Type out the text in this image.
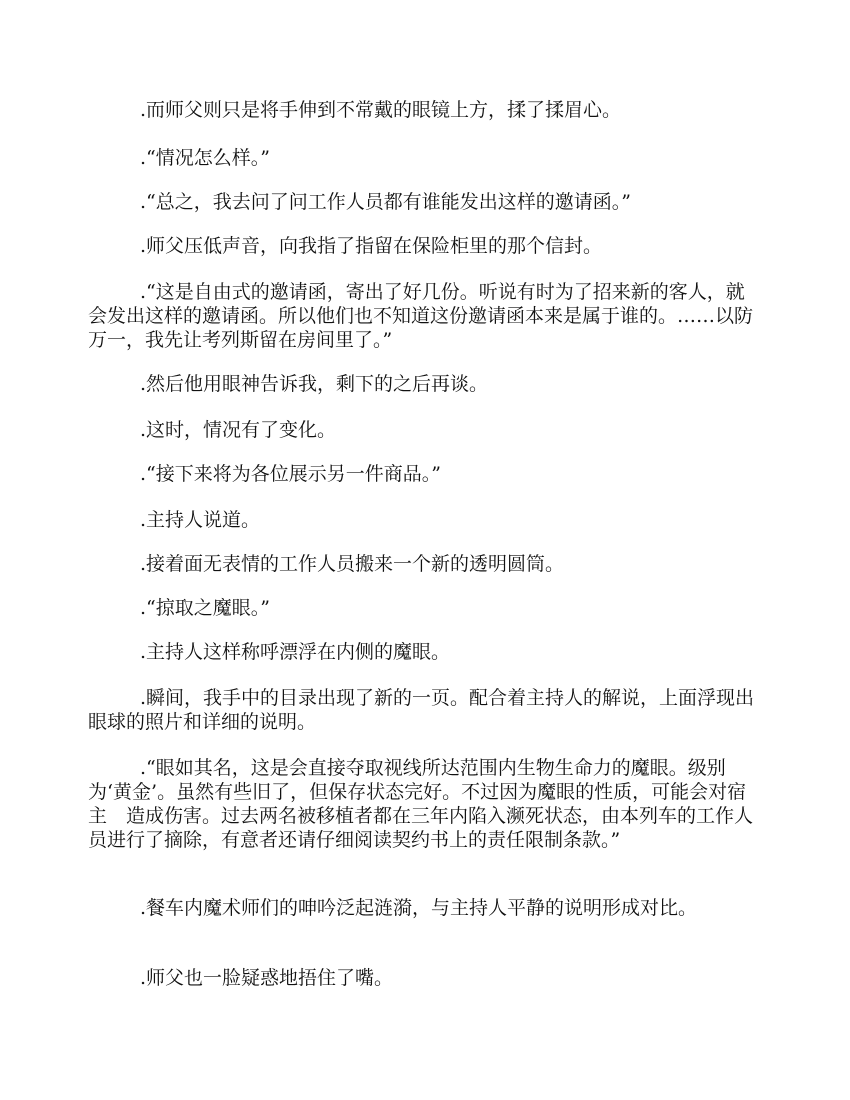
.而师父则只是将手伸到不常戴的眼镜上方，揉了揉眉心。

.“情况怎么样。”

.“总之，我去问了问工作人员都有谁能发出这样的邀请函。”

.师父压低声音，向我指了指留在保险柜里的那个信封。

.“这是自由式的邀请函，寄出了好几份。听说有时为了招来新的客人，就会发出这样的邀请函。所以他们也不知道这份邀请函本来是属于谁的。……以防万一，我先让考列斯留在房间里了。”

.然后他用眼神告诉我，剩下的之后再谈。

.这时，情况有了变化。

.“接下来将为各位展示另一件商品。”

.主持人说道。

.接着面无表情的工作人员搬来一个新的透明圆筒。

.“掠取之魔眼。”

.主持人这样称呼漂浮在内侧的魔眼。

.瞬间，我手中的目录出现了新的一页。配合着主持人的解说，上面浮现出眼球的照片和详细的说明。

.“眼如其名，这是会直接夺取视线所达范围内生物生命力的魔眼。级别为‘黄金’。虽然有些旧了，但保存状态完好。不过因为魔眼的性质，可能会对宿主　造成伤害。过去两名被移植者都在三年内陷入濒死状态，由本列车的工作人员进行了摘除，有意者还请仔细阅读契约书上的责任限制条款。”

.餐车内魔术师们的呻吟泛起涟漪，与主持人平静的说明形成对比。

.师父也一脸疑惑地捂住了嘴。
